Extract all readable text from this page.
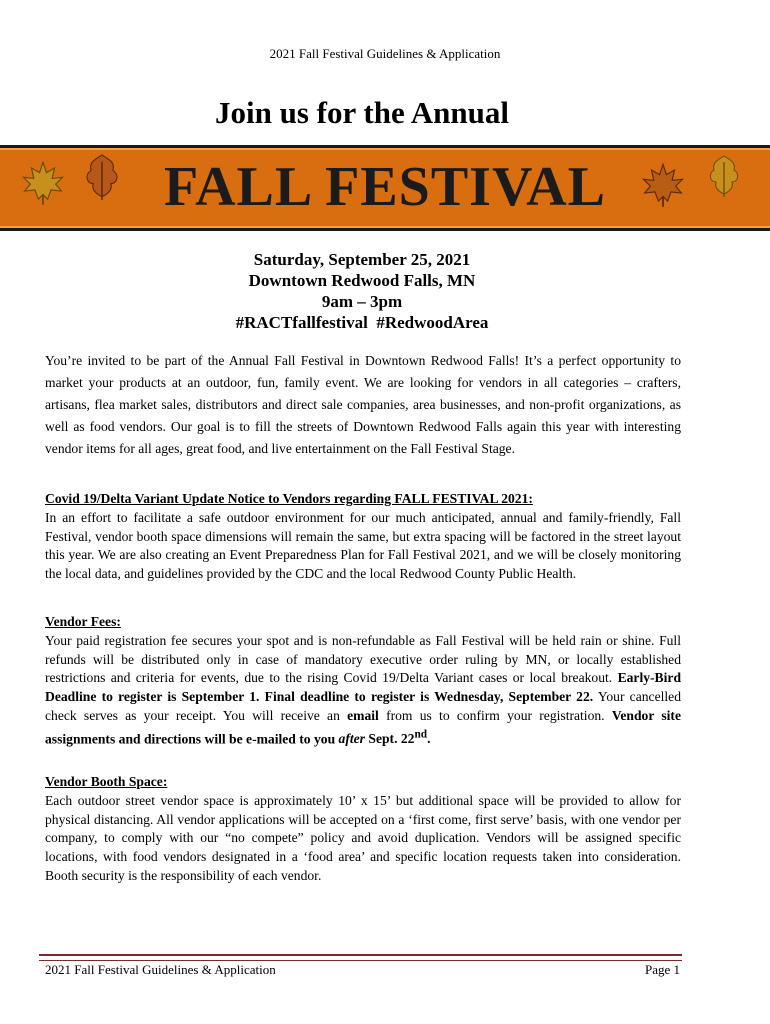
2021 Fall Festival Guidelines & Application
Join us for the Annual
FALL FESTIVAL
Saturday, September 25, 2021
Downtown Redwood Falls, MN
9am – 3pm
#RACTfallfestival  #RedwoodArea
You’re invited to be part of the Annual Fall Festival in Downtown Redwood Falls! It’s a perfect opportunity to market your products at an outdoor, fun, family event. We are looking for vendors in all categories – crafters, artisans, flea market sales, distributors and direct sale companies, area businesses, and non-profit organizations, as well as food vendors. Our goal is to fill the streets of Downtown Redwood Falls again this year with interesting vendor items for all ages, great food, and live entertainment on the Fall Festival Stage.
Covid 19/Delta Variant Update Notice to Vendors regarding FALL FESTIVAL 2021:
In an effort to facilitate a safe outdoor environment for our much anticipated, annual and family-friendly, Fall Festival, vendor booth space dimensions will remain the same, but extra spacing will be factored in the street layout this year. We are also creating an Event Preparedness Plan for Fall Festival 2021, and we will be closely monitoring the local data, and guidelines provided by the CDC and the local Redwood County Public Health.
Vendor Fees:
Your paid registration fee secures your spot and is non-refundable as Fall Festival will be held rain or shine. Full refunds will be distributed only in case of mandatory executive order ruling by MN, or locally established restrictions and criteria for events, due to the rising Covid 19/Delta Variant cases or local breakout. Early-Bird Deadline to register is September 1. Final deadline to register is Wednesday, September 22. Your cancelled check serves as your receipt. You will receive an email from us to confirm your registration. Vendor site assignments and directions will be e-mailed to you after Sept. 22nd.
Vendor Booth Space:
Each outdoor street vendor space is approximately 10’ x 15’ but additional space will be provided to allow for physical distancing. All vendor applications will be accepted on a ‘first come, first serve’ basis, with one vendor per company, to comply with our “no compete” policy and avoid duplication. Vendors will be assigned specific locations, with food vendors designated in a ‘food area’ and specific location requests taken into consideration. Booth security is the responsibility of each vendor.
2021 Fall Festival Guidelines & Application	Page 1
